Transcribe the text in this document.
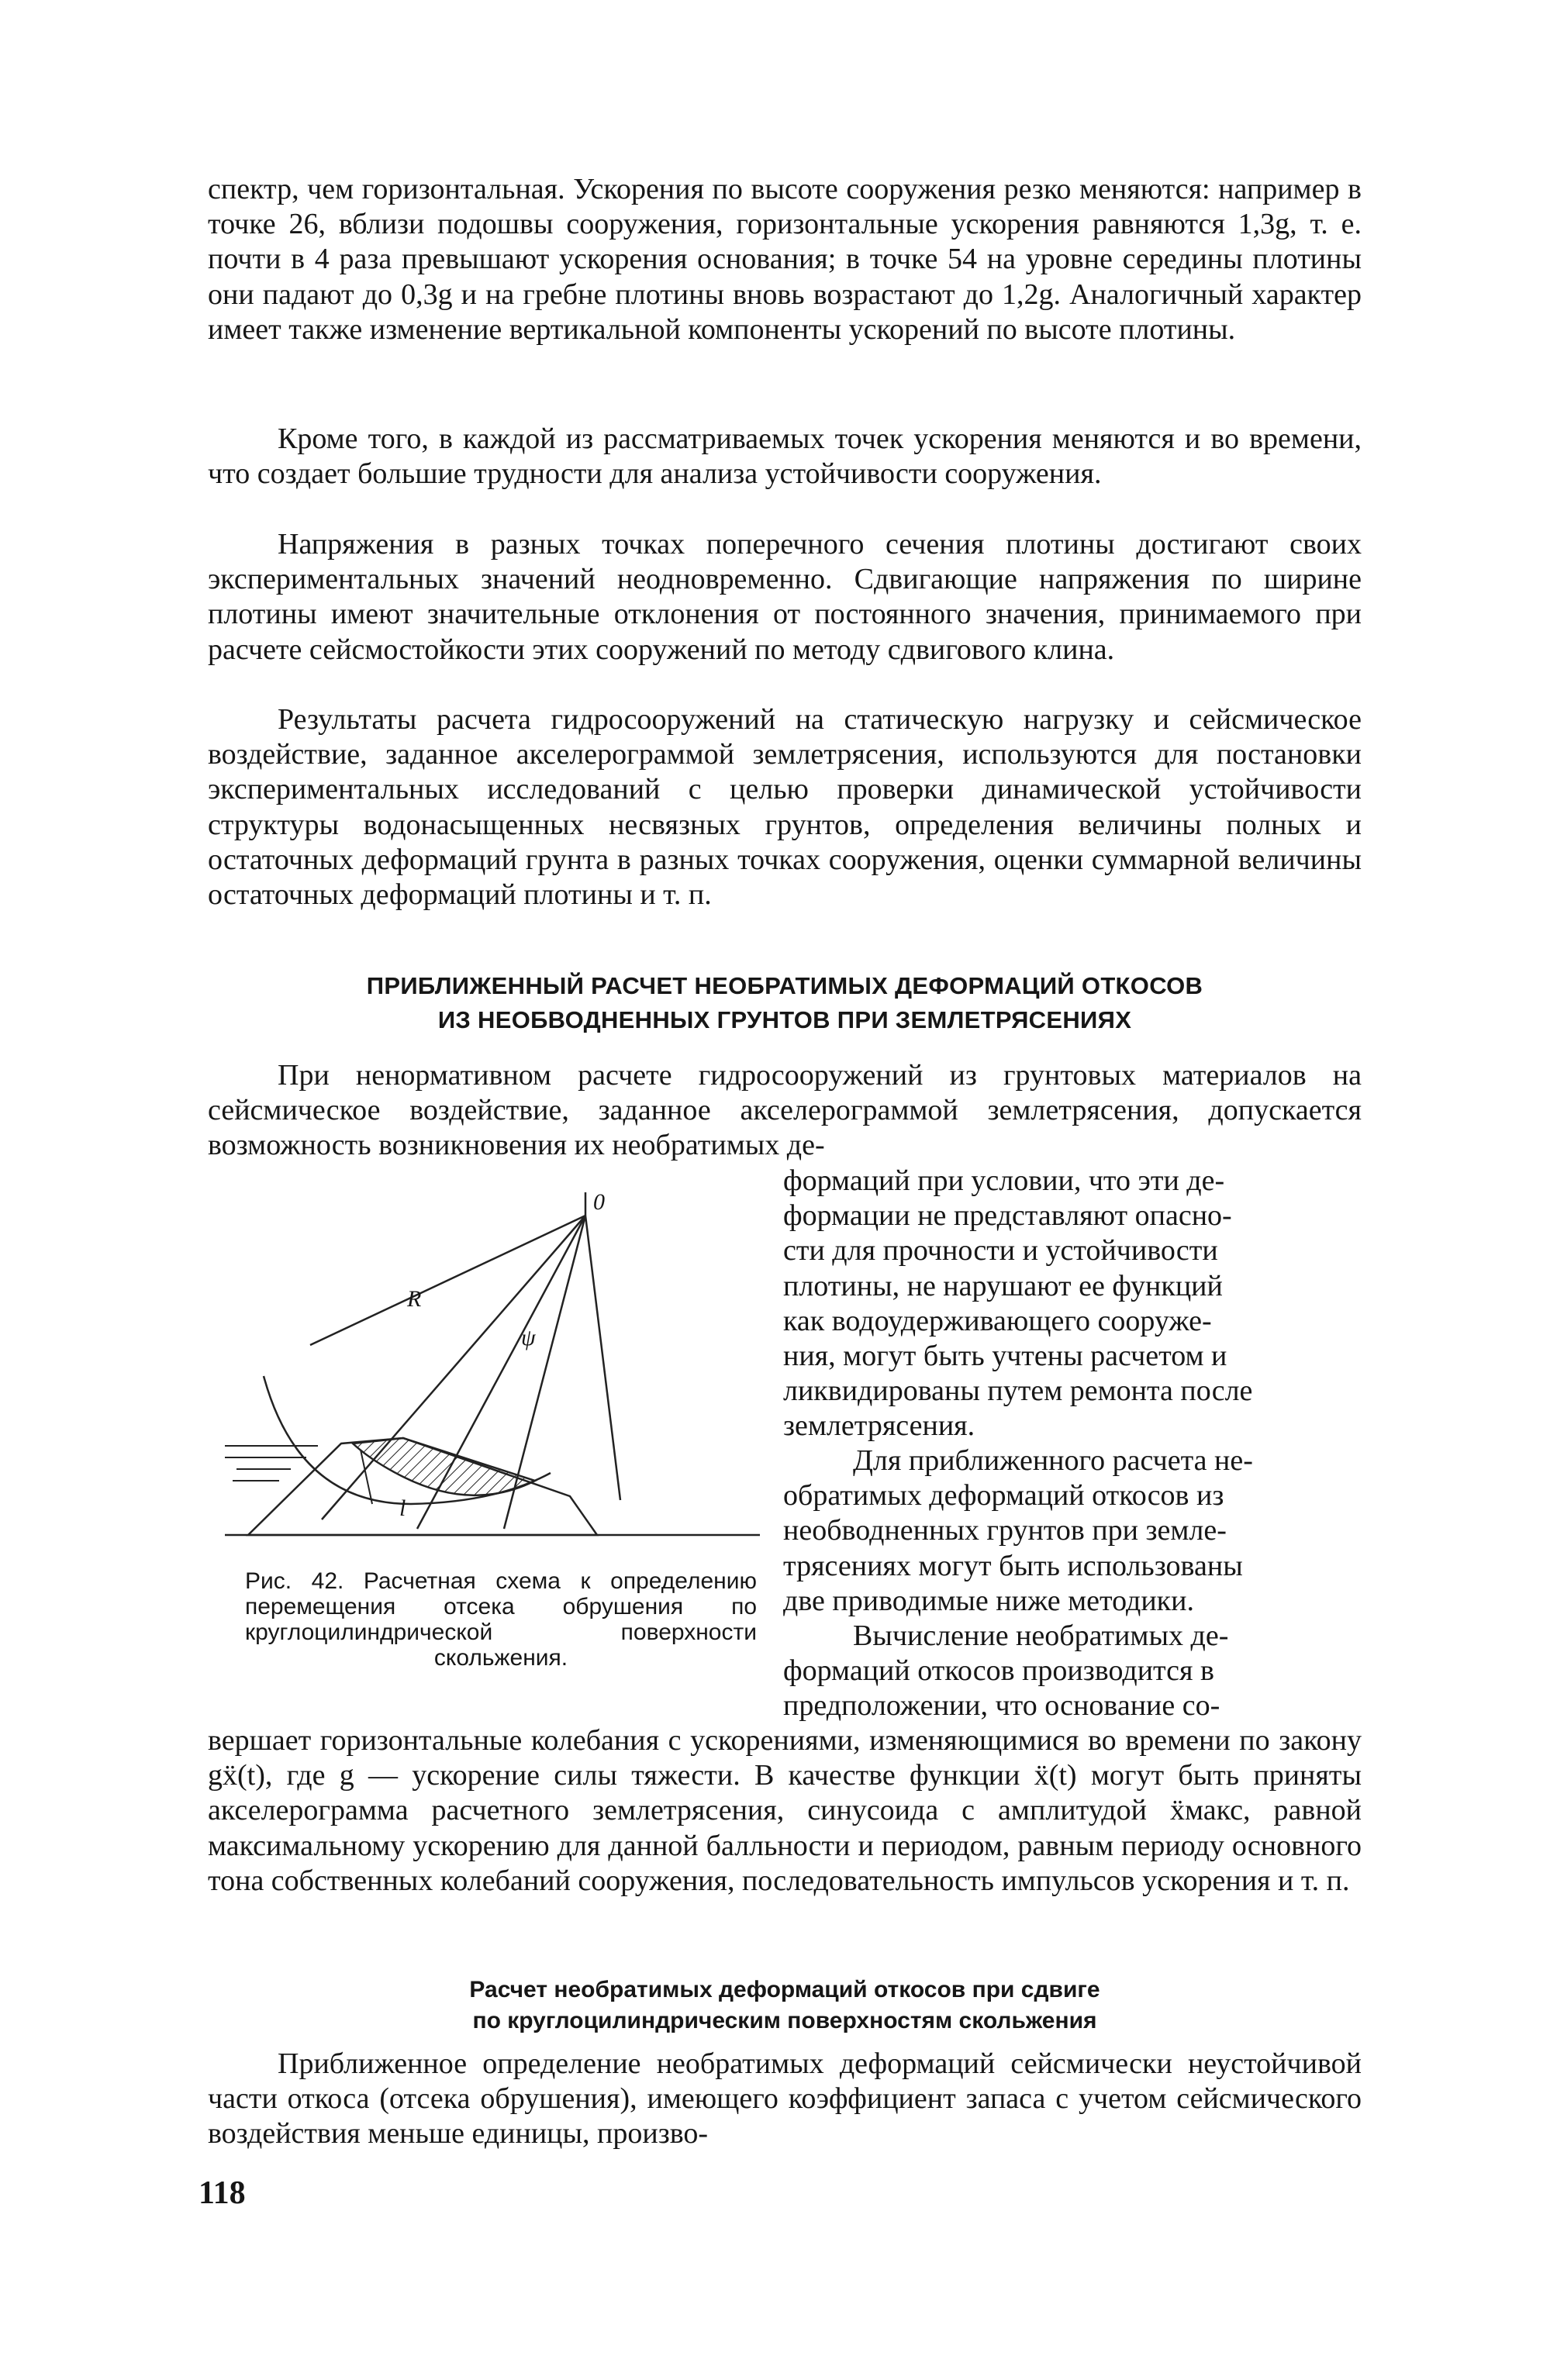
спектр, чем горизонтальная. Ускорения по высоте сооружения резко меняются: например в точке 26, вблизи подошвы сооружения, горизонтальные ускорения равняются 1,3g, т. е. почти в 4 раза превышают ускорения основания; в точке 54 на уровне середины плотины они падают до 0,3g и на гребне плотины вновь возрастают до 1,2g. Аналогичный характер имеет также изменение вертикальной компоненты ускорений по высоте плотины.

Кроме того, в каждой из рассматриваемых точек ускорения меняются и во времени, что создает большие трудности для анализа устойчивости сооружения.

Напряжения в разных точках поперечного сечения плотины достигают своих экспериментальных значений неодновременно. Сдвигающие напряжения по ширине плотины имеют значительные отклонения от постоянного значения, принимаемого при расчете сейсмостойкости этих сооружений по методу сдвигового клина.

Результаты расчета гидросооружений на статическую нагрузку и сейсмическое воздействие, заданное акселерограммой землетрясения, используются для постановки экспериментальных исследований с целью проверки динамической устойчивости структуры водонасыщенных несвязных грунтов, определения величины полных и остаточных деформаций грунта в разных точках сооружения, оценки суммарной величины остаточных деформаций плотины и т. п.

ПРИБЛИЖЕННЫЙ РАСЧЕТ НЕОБРАТИМЫХ ДЕФОРМАЦИЙ ОТКОСОВ
ИЗ НЕОБВОДНЕННЫХ ГРУНТОВ ПРИ ЗЕМЛЕТРЯСЕНИЯХ

При ненормативном расчете гидросооружений из грунтовых материалов на сейсмическое воздействие, заданное акселерограммой землетрясения, допускается возможность возникновения их необратимых де-

формаций при условии, что эти де-
формации не представляют опасно-
сти для прочности и устойчивости
плотины, не нарушают ее функций
как водоудерживающего сооруже-
ния, могут быть учтены расчетом и
ликвидированы путем ремонта после
землетрясения.
Для приближенного расчета не-
обратимых деформаций откосов из
необводненных грунтов при земле-
трясениях могут быть использованы
две приводимые ниже методики.
Вычисление необратимых де-
формаций откосов производится в
предположении, что основание со-

вершает горизонтальные колебания с ускорениями, изменяющимися во времени по закону gẍ(t), где g — ускорение силы тяжести. В качестве функции ẍ(t) могут быть приняты акселерограмма расчетного землетрясения, синусоида с амплитудой ẍмакс, равной максимальному ускорению для данной балльности и периодом, равным периоду основного тона собственных колебаний сооружения, последовательность импульсов ускорения и т. п.

0
R
ψ
l

Рис. 42. Расчетная схема к определению перемещения отсека обрушения по круглоцилиндрической поверхности скольжения.

Расчет необратимых деформаций откосов при сдвиге
по круглоцилиндрическим поверхностям скольжения

Приближенное определение необратимых деформаций сейсмически неустойчивой части откоса (отсека обрушения), имеющего коэффициент запаса с учетом сейсмического воздействия меньше единицы, произво-

118
